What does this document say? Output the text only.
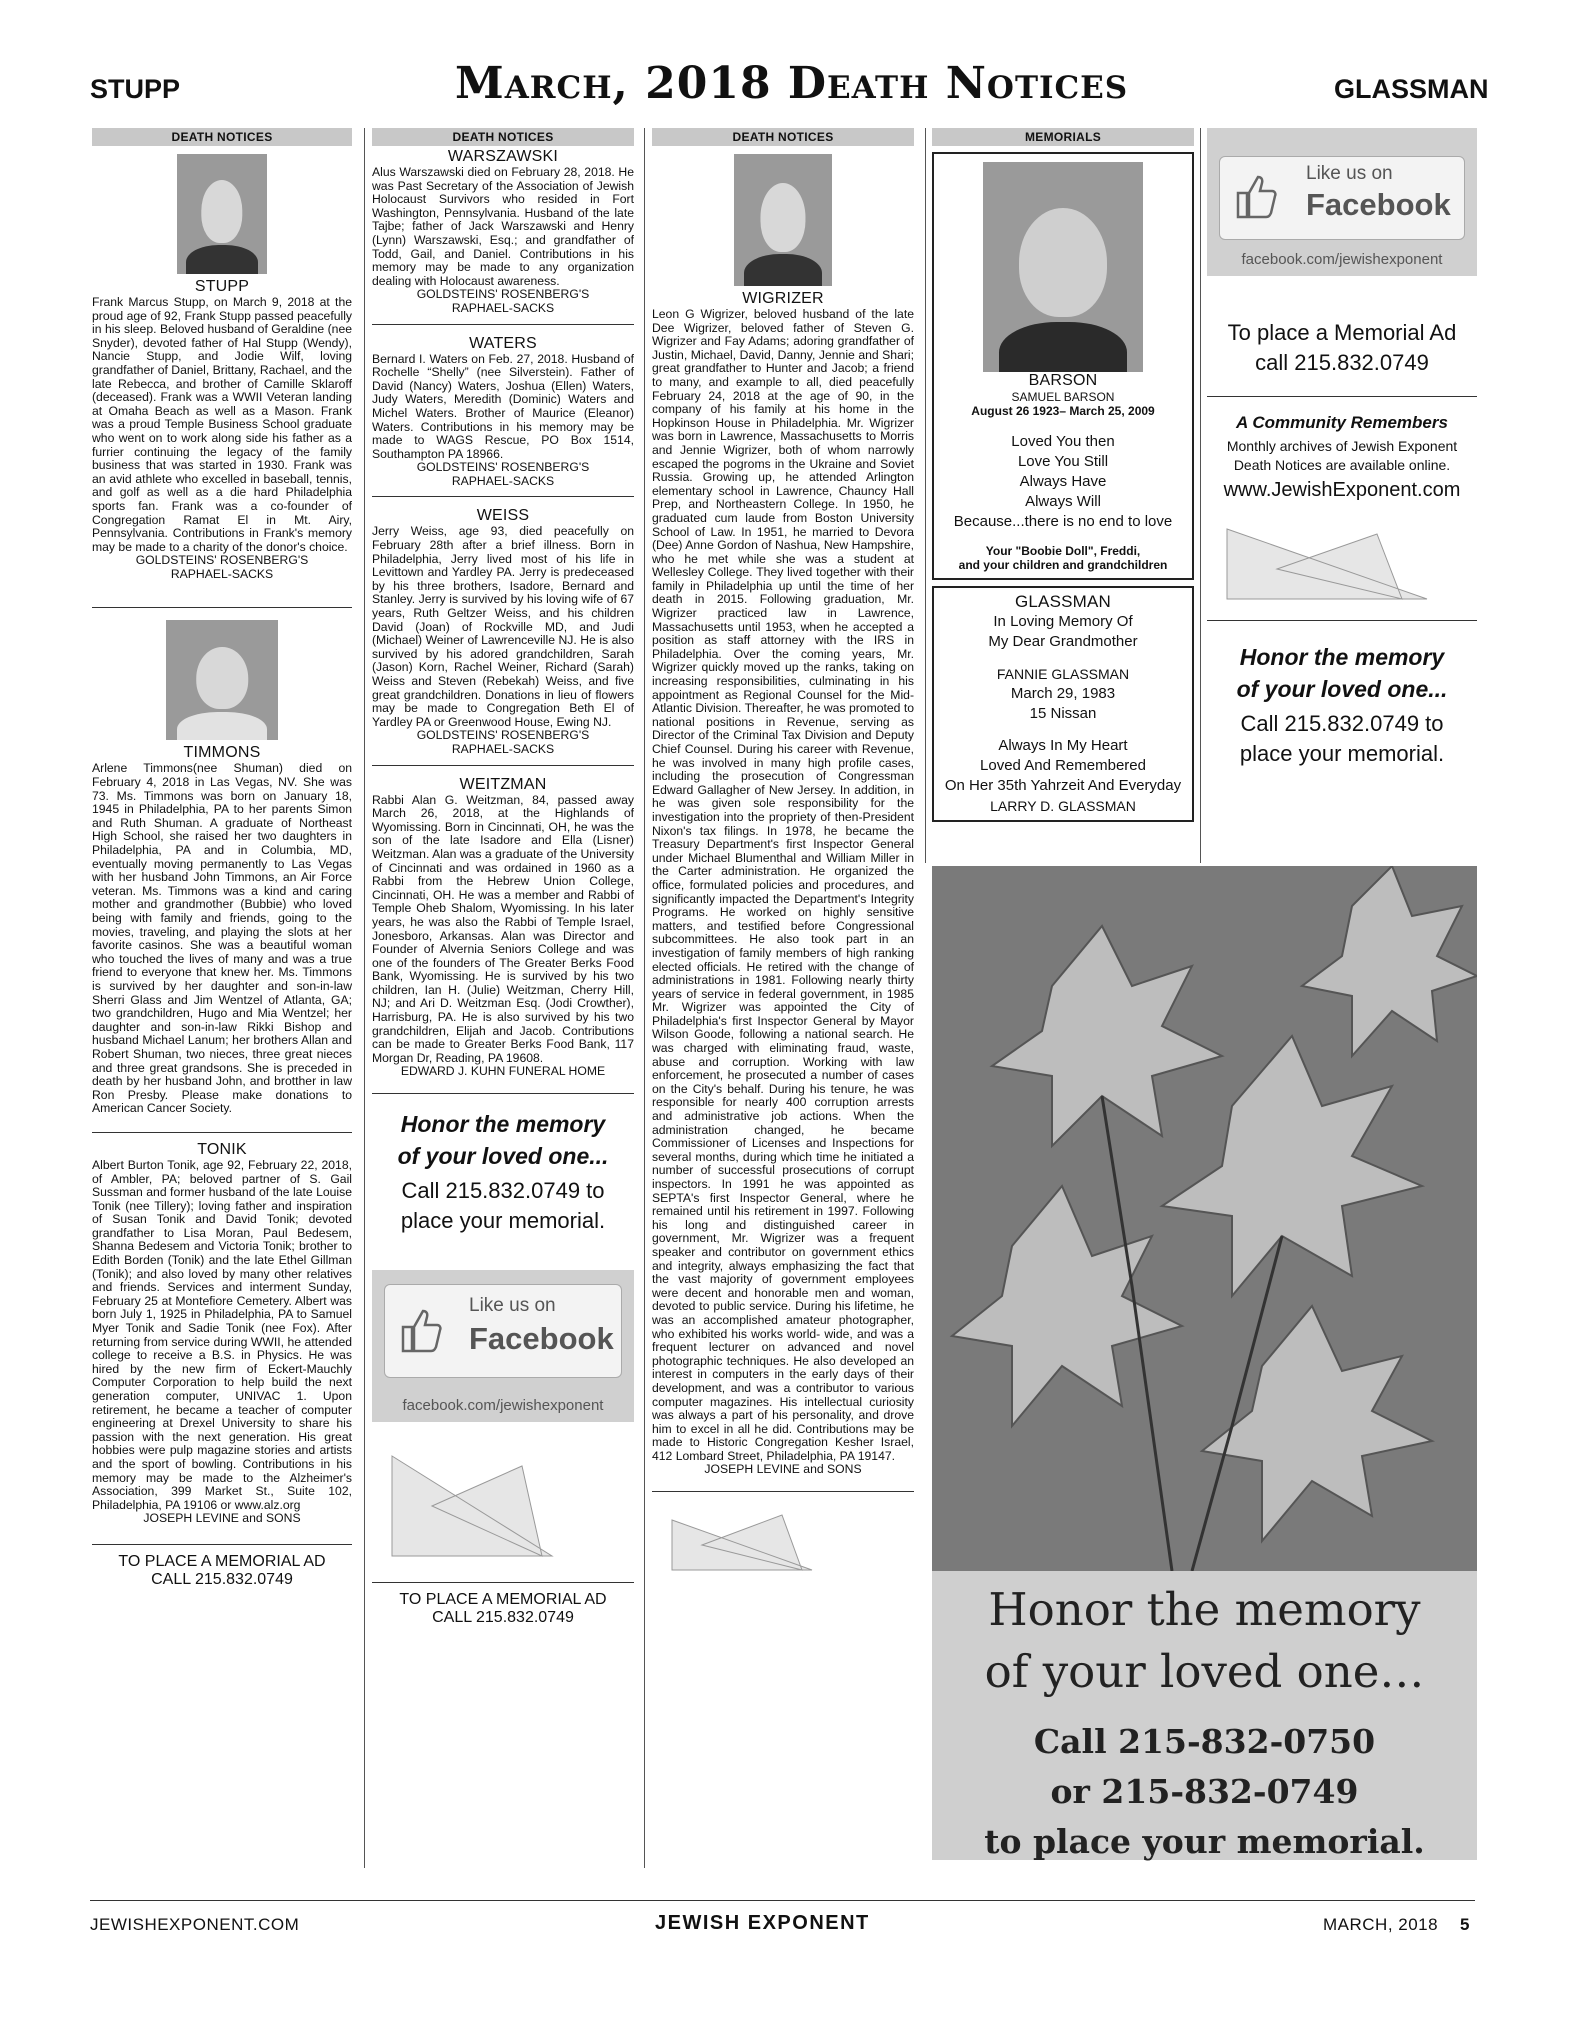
STUPP	March, 2018 Death Notices	GLASSMAN
DEATH NOTICES
STUPP

Frank Marcus Stupp, on March 9, 2018 at the proud age of 92, Frank Stupp passed peacefully in his sleep. Beloved husband of Geraldine (nee Snyder), devoted father of Hal Stupp (Wendy), Nancie Stupp, and Jodie Wilf, loving grandfather of Daniel, Brittany, Rachael, and the late Rebecca, and brother of Camille Sklaroff (deceased). Frank was a WWII Veteran landing at Omaha Beach as well as a Mason. Frank was a proud Temple Business School graduate who went on to work along side his father as a furrier continuing the legacy of the family business that was started in 1930. Frank was an avid athlete who excelled in baseball, tennis, and golf as well as a die hard Philadelphia sports fan. Frank was a co-founder of Congregation Ramat El in Mt. Airy, Pennsylvania. Contributions in Frank's memory may be made to a charity of the donor's choice.

GOLDSTEINS' ROSENBERG'S
RAPHAEL-SACKS
TIMMONS

Arlene Timmons(nee Shuman) died on February 4, 2018 in Las Vegas, NV. She was 73. Ms. Timmons was born on January 18, 1945 in Philadelphia, PA to her parents Simon and Ruth Shuman. A graduate of Northeast High School, she raised her two daughters in Philadelphia, PA and in Columbia, MD, eventually moving permanently to Las Vegas with her husband John Timmons, an Air Force veteran. Ms. Timmons was a kind and caring mother and grandmother (Bubbie) who loved being with family and friends, going to the movies, traveling, and playing the slots at her favorite casinos. She was a beautiful woman who touched the lives of many and was a true friend to everyone that knew her. Ms. Timmons is survived by her daughter and son-in-law Sherri Glass and Jim Wentzel of Atlanta, GA; two grandchildren, Hugo and Mia Wentzel; her daughter and son-in-law Rikki Bishop and husband Michael Lanum; her brothers Allan and Robert Shuman, two nieces, three great nieces and three great grandsons. She is preceded in death by her husband John, and brotther in law Ron Presby. Please make donations to American Cancer Society.

TONIK

Albert Burton Tonik, age 92, February 22, 2018, of Ambler, PA; beloved partner of S. Gail Sussman and former husband of the late Louise Tonik (nee Tillery); loving father and inspiration of Susan Tonik and David Tonik; devoted grandfather to Lisa Moran, Paul Bedesem, Shanna Bedesem and Victoria Tonik; brother to Edith Borden (Tonik) and the late Ethel Gillman (Tonik); and also loved by many other relatives and friends. Services and interment Sunday, February 25 at Montefiore Cemetery. Albert was born July 1, 1925 in Philadelphia, PA to Samuel Myer Tonik and Sadie Tonik (nee Fox). After returning from service during WWII, he attended college to receive a B.S. in Physics. He was hired by the new firm of Eckert-Mauchly Computer Corporation to help build the next generation computer, UNIVAC 1. Upon retirement, he became a teacher of computer engineering at Drexel University to share his passion with the next generation. His great hobbies were pulp magazine stories and artists and the sport of bowling. Contributions in his memory may be made to the Alzheimer's Association, 399 Market St., Suite 102, Philadelphia, PA 19106 or www.alz.org

JOSEPH LEVINE and SONS
TO PLACE A MEMORIAL AD
CALL 215.832.0749
DEATH NOTICES
WARSZAWSKI

Alus Warszawski died on February 28, 2018. He was Past Secretary of the Association of Jewish Holocaust Survivors who resided in Fort Washington, Pennsylvania. Husband of the late Tajbe; father of Jack Warszawski and Henry (Lynn) Warszawski, Esq.; and grandfather of Todd, Gail, and Daniel. Contributions in his memory may be made to any organization dealing with Holocaust awareness.

GOLDSTEINS' ROSENBERG'S
RAPHAEL-SACKS
WATERS

Bernard I. Waters on Feb. 27, 2018. Husband of Rochelle “Shelly” (nee Silverstein). Father of David (Nancy) Waters, Joshua (Ellen) Waters, Judy Waters, Meredith (Dominic) Waters and Michel Waters. Brother of Maurice (Eleanor) Waters. Contributions in his memory may be made to WAGS Rescue, PO Box 1514, Southampton PA 18966.

GOLDSTEINS' ROSENBERG'S
RAPHAEL-SACKS
WEISS

Jerry Weiss, age 93, died peacefully on February 28th after a brief illness. Born in Philadelphia, Jerry lived most of his life in Levittown and Yardley PA. Jerry is predeceased by his three brothers, Isadore, Bernard and Stanley. Jerry is survived by his loving wife of 67 years, Ruth Geltzer Weiss, and his children David (Joan) of Rockville MD, and Judi (Michael) Weiner of Lawrenceville NJ. He is also survived by his adored grandchildren, Sarah (Jason) Korn, Rachel Weiner, Richard (Sarah) Weiss and Steven (Rebekah) Weiss, and five great grandchildren. Donations in lieu of flowers may be made to Congregation Beth El of Yardley PA or Greenwood House, Ewing NJ.

GOLDSTEINS' ROSENBERG'S
RAPHAEL-SACKS
WEITZMAN

Rabbi Alan G. Weitzman, 84, passed away March 26, 2018, at the Highlands of Wyomissing. Born in Cincinnati, OH, he was the son of the late Isadore and Ella (Lisner) Weitzman. Alan was a graduate of the University of Cincinnati and was ordained in 1960 as a Rabbi from the Hebrew Union College, Cincinnati, OH. He was a member and Rabbi of Temple Oheb Shalom, Wyomissing. In his later years, he was also the Rabbi of Temple Israel, Jonesboro, Arkansas. Alan was Director and Founder of Alvernia Seniors College and was one of the founders of The Greater Berks Food Bank, Wyomissing. He is survived by his two children, Ian H. (Julie) Weitzman, Cherry Hill, NJ; and Ari D. Weitzman Esq. (Jodi Crowther), Harrisburg, PA. He is also survived by his two grandchildren, Elijah and Jacob. Contributions can be made to Greater Berks Food Bank, 117 Morgan Dr, Reading, PA 19608.

EDWARD J. KUHN FUNERAL HOME
Honor the memory
of your loved one...
Call 215.832.0749 to
place your memorial.
Like us on
Facebook
facebook.com/jewishexponent
TO PLACE A MEMORIAL AD
CALL 215.832.0749
DEATH NOTICES
WIGRIZER

Leon G Wigrizer, beloved husband of the late Dee Wigrizer, beloved father of Steven G. Wigrizer and Fay Adams; adoring grandfather of Justin, Michael, David, Danny, Jennie and Shari; great grandfather to Hunter and Jacob; a friend to many, and example to all, died peacefully February 24, 2018 at the age of 90, in the company of his family at his home in the Hopkinson House in Philadelphia. Mr. Wigrizer was born in Lawrence, Massachusetts to Morris and Jennie Wigrizer, both of whom narrowly escaped the pogroms in the Ukraine and Soviet Russia. Growing up, he attended Arlington elementary school in Lawrence, Chauncy Hall Prep, and Northeastern College. In 1950, he graduated cum laude from Boston University School of Law. In 1951, he married to Devora (Dee) Anne Gordon of Nashua, New Hampshire, who he met while she was a student at Wellesley College. They lived together with their family in Philadelphia up until the time of her death in 2015. Following graduation, Mr. Wigrizer practiced law in Lawrence, Massachusetts until 1953, when he accepted a position as staff attorney with the IRS in Philadelphia. Over the coming years, Mr. Wigrizer quickly moved up the ranks, taking on increasing responsibilities, culminating in his appointment as Regional Counsel for the Mid-Atlantic Division. Thereafter, he was promoted to national positions in Revenue, serving as Director of the Criminal Tax Division and Deputy Chief Counsel. During his career with Revenue, he was involved in many high profile cases, including the prosecution of Congressman Edward Gallagher of New Jersey. In addition, in he was given sole responsibility for the investigation into the propriety of then-President Nixon's tax filings. In 1978, he became the Treasury Department's first Inspector General under Michael Blumenthal and William Miller in the Carter administration. He organized the office, formulated policies and procedures, and significantly impacted the Department's Integrity Programs. He worked on highly sensitive matters, and testified before Congressional subcommittees. He also took part in an investigation of family members of high ranking elected officials. He retired with the change of administrations in 1981. Following nearly thirty years of service in federal government, in 1985 Mr. Wigrizer was appointed the City of Philadelphia's first Inspector General by Mayor Wilson Goode, following a national search. He was charged with eliminating fraud, waste, abuse and corruption. Working with law enforcement, he prosecuted a number of cases on the City's behalf. During his tenure, he was responsible for nearly 400 corruption arrests and administrative job actions. When the administration changed, he became Commissioner of Licenses and Inspections for several months, during which time he initiated a number of successful prosecutions of corrupt inspectors. In 1991 he was appointed as SEPTA's first Inspector General, where he remained until his retirement in 1997. Following his long and distinguished career in government, Mr. Wigrizer was a frequent speaker and contributor on government ethics and integrity, always emphasizing the fact that the vast majority of government employees were decent and honorable men and woman, devoted to public service. During his lifetime, he was an accomplished amateur photographer, who exhibited his works world- wide, and was a frequent lecturer on advanced and novel photographic techniques. He also developed an interest in computers in the early days of their development, and was a contributor to various computer magazines. His intellectual curiosity was always a part of his personality, and drove him to excel in all he did. Contributions may be made to Historic Congregation Kesher Israel, 412 Lombard Street, Philadelphia, PA 19147.

JOSEPH LEVINE and SONS
MEMORIALS
BARSON
SAMUEL BARSON
August 26 1923– March 25, 2009
Loved You then
Love You Still
Always Have
Always Will
Because...there is no end to love
Your "Boobie Doll", Freddi,
and your children and grandchildren
GLASSMAN
In Loving Memory Of
My Dear Grandmother
FANNIE GLASSMAN
March 29, 1983
15 Nissan
Always In My Heart
Loved And Remembered
On Her 35th Yahrzeit And Everyday
LARRY D. GLASSMAN
Like us on
Facebook
facebook.com/jewishexponent
To place a Memorial Ad
call 215.832.0749
A Community Remembers
Monthly archives of Jewish Exponent
Death Notices are available online.
www.JewishExponent.com
Honor the memory
of your loved one...
Call 215.832.0749 to
place your memorial.
Honor the memory
of your loved one…
Call 215-832-0750
or 215-832-0749
to place your memorial.
JEWISHEXPONENT.COM	JEWISH EXPONENT	MARCH, 2018 5
